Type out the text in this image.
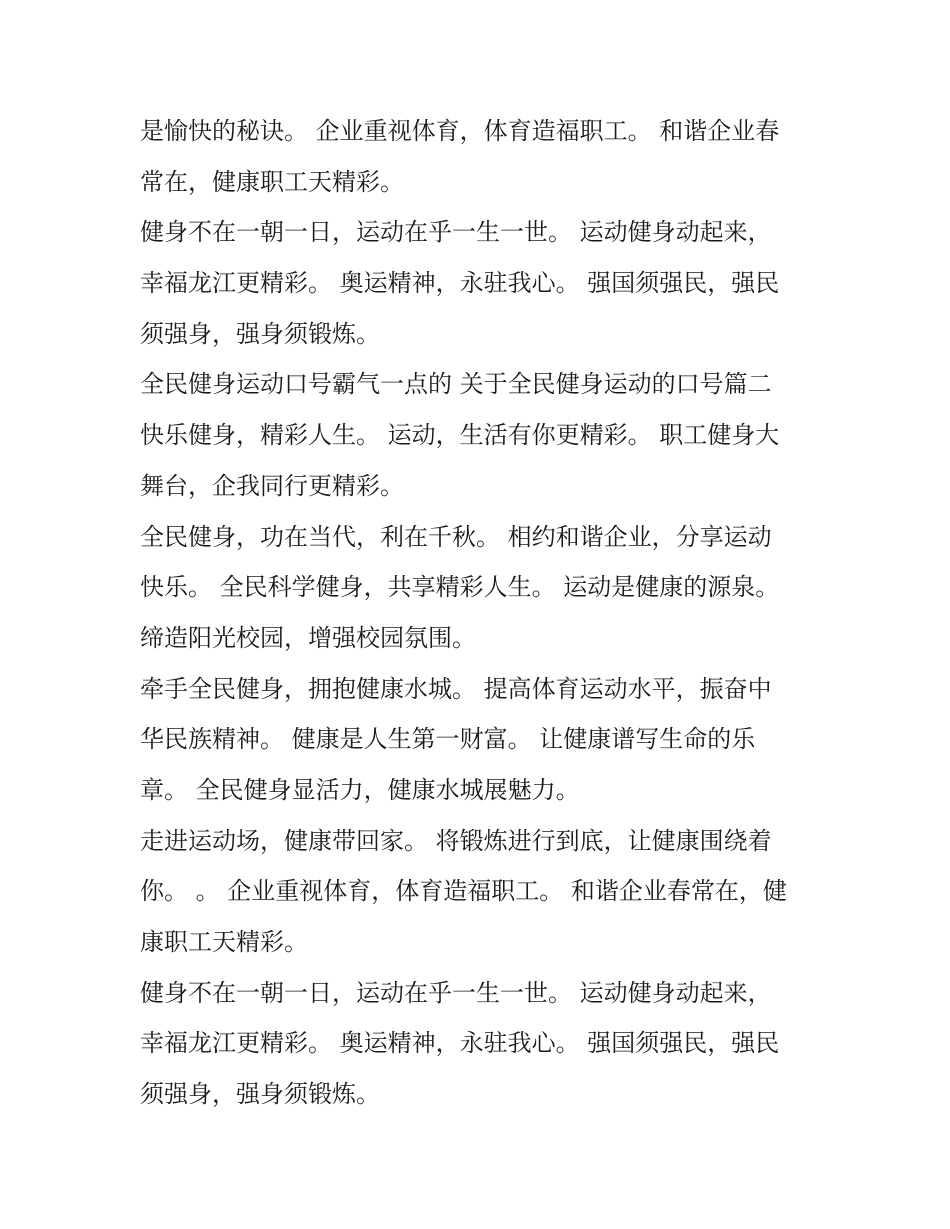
是愉快的秘诀。 企业重视体育，体育造福职工。 和谐企业春
常在，健康职工天精彩。
健身不在一朝一日，运动在乎一生一世。 运动健身动起来，
幸福龙江更精彩。 奥运精神，永驻我心。 强国须强民，强民
须强身，强身须锻炼。
全民健身运动口号霸气一点的 关于全民健身运动的口号篇二
快乐健身，精彩人生。 运动，生活有你更精彩。 职工健身大
舞台，企我同行更精彩。
全民健身，功在当代，利在千秋。 相约和谐企业，分享运动
快乐。 全民科学健身，共享精彩人生。 运动是健康的源泉。
缔造阳光校园，增强校园氛围。
牵手全民健身，拥抱健康水城。 提高体育运动水平，振奋中
华民族精神。 健康是人生第一财富。 让健康谱写生命的乐
章。 全民健身显活力，健康水城展魅力。
走进运动场，健康带回家。 将锻炼进行到底，让健康围绕着
你。 。 企业重视体育，体育造福职工。 和谐企业春常在，健
康职工天精彩。
健身不在一朝一日，运动在乎一生一世。 运动健身动起来，
幸福龙江更精彩。 奥运精神，永驻我心。 强国须强民，强民
须强身，强身须锻炼。
